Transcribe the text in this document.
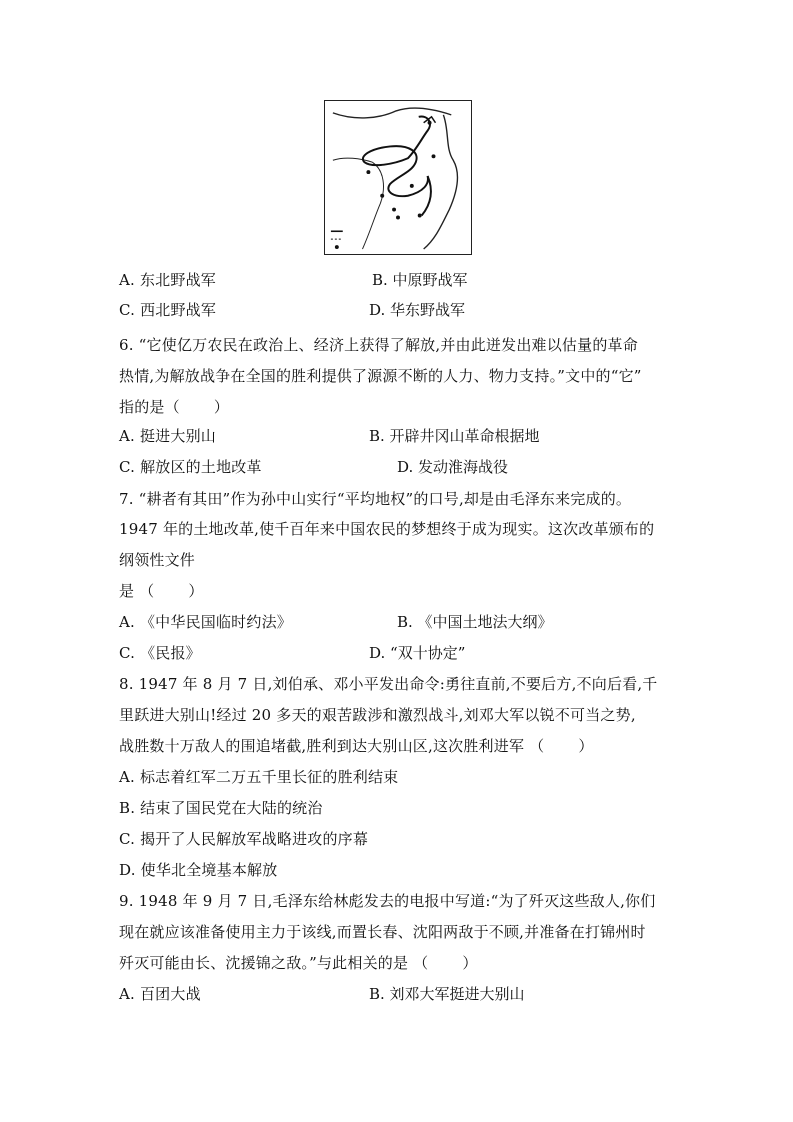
A. 东北野战军	B. 中原野战军
C. 西北野战军	D. 华东野战军
6. “它使亿万农民在政治上、经济上获得了解放,并由此迸发出难以估量的革命
热情,为解放战争在全国的胜利提供了源源不断的人力、物力支持。”文中的“它”
指的是（ ）
A. 挺进大别山	B. 开辟井冈山革命根据地
C. 解放区的土地改革	D. 发动淮海战役
7. “耕者有其田”作为孙中山实行“平均地权”的口号,却是由毛泽东来完成的。
1947 年的土地改革,使千百年来中国农民的梦想终于成为现实。这次改革颁布的
纲领性文件
是 （ ）
A. 《中华民国临时约法》	B. 《中国土地法大纲》
C. 《民报》	D. “双十协定”
8. 1947 年 8 月 7 日,刘伯承、邓小平发出命令:勇往直前,不要后方,不向后看,千
里跃进大别山!经过 20 多天的艰苦跋涉和激烈战斗,刘邓大军以锐不可当之势,
战胜数十万敌人的围追堵截,胜利到达大别山区,这次胜利进军 （ ）
A. 标志着红军二万五千里长征的胜利结束
B. 结束了国民党在大陆的统治
C. 揭开了人民解放军战略进攻的序幕
D. 使华北全境基本解放
9. 1948 年 9 月 7 日,毛泽东给林彪发去的电报中写道:“为了歼灭这些敌人,你们
现在就应该准备使用主力于该线,而置长春、沈阳两敌于不顾,并准备在打锦州时
歼灭可能由长、沈援锦之敌。”与此相关的是 （ ）
A. 百团大战	B. 刘邓大军挺进大别山
